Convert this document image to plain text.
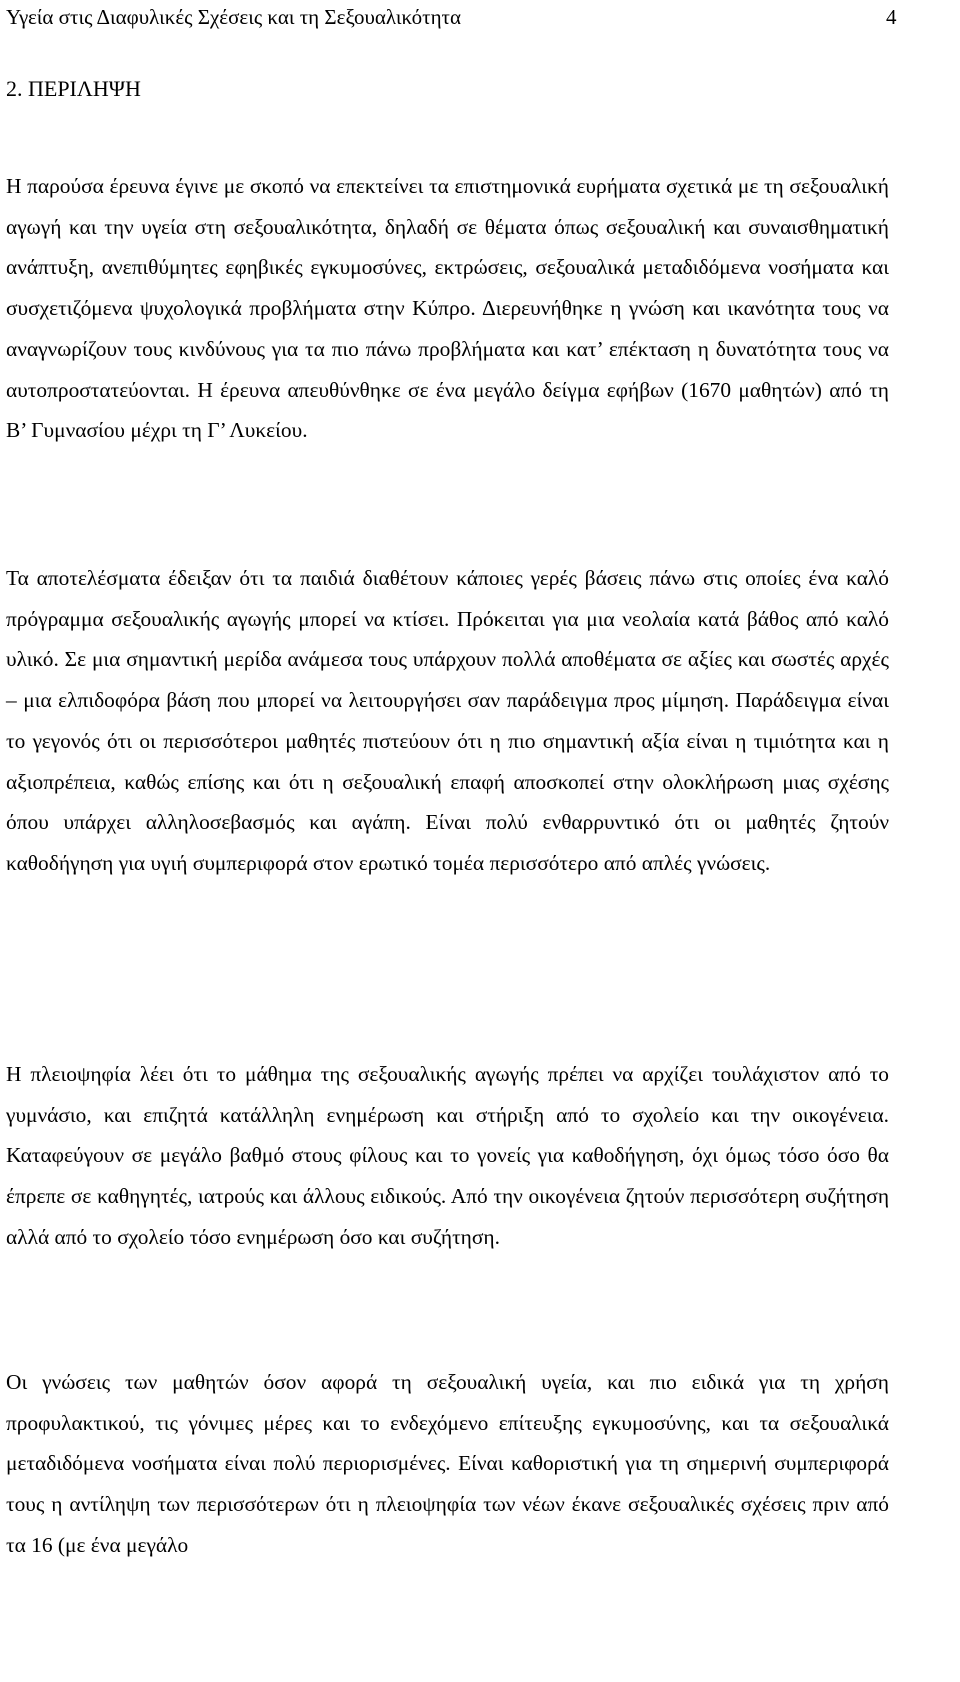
Υγεία στις Διαφυλικές Σχέσεις και τη Σεξουαλικότητα	4
2. ΠΕΡΙΛΗΨΗ

Η παρούσα έρευνα έγινε με σκοπό να επεκτείνει τα επιστημονικά ευρήματα σχετικά με τη σεξουαλική αγωγή και την υγεία στη σεξουαλικότητα, δηλαδή σε θέματα όπως σεξουαλική και συναισθηματική ανάπτυξη, ανεπιθύμητες εφηβικές εγκυμοσύνες, εκτρώσεις, σεξουαλικά μεταδιδόμενα νοσήματα και συσχετιζόμενα ψυχολογικά προβλήματα στην Κύπρο. Διερευνήθηκε η γνώση και ικανότητα τους να αναγνωρίζουν τους κινδύνους για τα πιο πάνω προβλήματα και κατ’ επέκταση η δυνατότητα τους να αυτοπροστατεύονται. Η έρευνα απευθύνθηκε σε ένα μεγάλο δείγμα εφήβων (1670 μαθητών) από τη Β’ Γυμνασίου μέχρι τη Γ’ Λυκείου.

Τα αποτελέσματα έδειξαν ότι τα παιδιά διαθέτουν κάποιες γερές βάσεις πάνω στις οποίες ένα καλό πρόγραμμα σεξουαλικής αγωγής μπορεί να κτίσει. Πρόκειται για μια νεολαία κατά βάθος από καλό υλικό. Σε μια σημαντική μερίδα ανάμεσα τους υπάρχουν πολλά αποθέματα σε αξίες και σωστές αρχές – μια ελπιδοφόρα βάση που μπορεί να λειτουργήσει σαν παράδειγμα προς μίμηση. Παράδειγμα είναι το γεγονός ότι οι περισσότεροι μαθητές πιστεύουν ότι η πιο σημαντική αξία είναι η τιμιότητα και η αξιοπρέπεια, καθώς επίσης και ότι η σεξουαλική επαφή αποσκοπεί στην ολοκλήρωση μιας σχέσης όπου υπάρχει αλληλοσεβασμός και αγάπη. Είναι πολύ ενθαρρυντικό ότι οι μαθητές ζητούν καθοδήγηση για υγιή συμπεριφορά στον ερωτικό τομέα περισσότερο από απλές γνώσεις.

Η πλειοψηφία λέει ότι το μάθημα της σεξουαλικής αγωγής πρέπει να αρχίζει τουλάχιστον από το γυμνάσιο, και επιζητά κατάλληλη ενημέρωση και στήριξη από το σχολείο και την οικογένεια. Καταφεύγουν σε μεγάλο βαθμό στους φίλους και το γονείς για καθοδήγηση, όχι όμως τόσο όσο θα έπρεπε σε καθηγητές, ιατρούς και άλλους ειδικούς. Από την οικογένεια ζητούν περισσότερη συζήτηση αλλά από το σχολείο τόσο ενημέρωση όσο και συζήτηση.

Οι γνώσεις των μαθητών όσον αφορά τη σεξουαλική υγεία, και πιο ειδικά για τη χρήση προφυλακτικού, τις γόνιμες μέρες και το ενδεχόμενο επίτευξης εγκυμοσύνης, και τα σεξουαλικά μεταδιδόμενα νοσήματα είναι πολύ περιορισμένες. Είναι καθοριστική για τη σημερινή συμπεριφορά τους η αντίληψη των περισσότερων ότι η πλειοψηφία των νέων έκανε σεξουαλικές σχέσεις πριν από τα 16 (με ένα μεγάλο
